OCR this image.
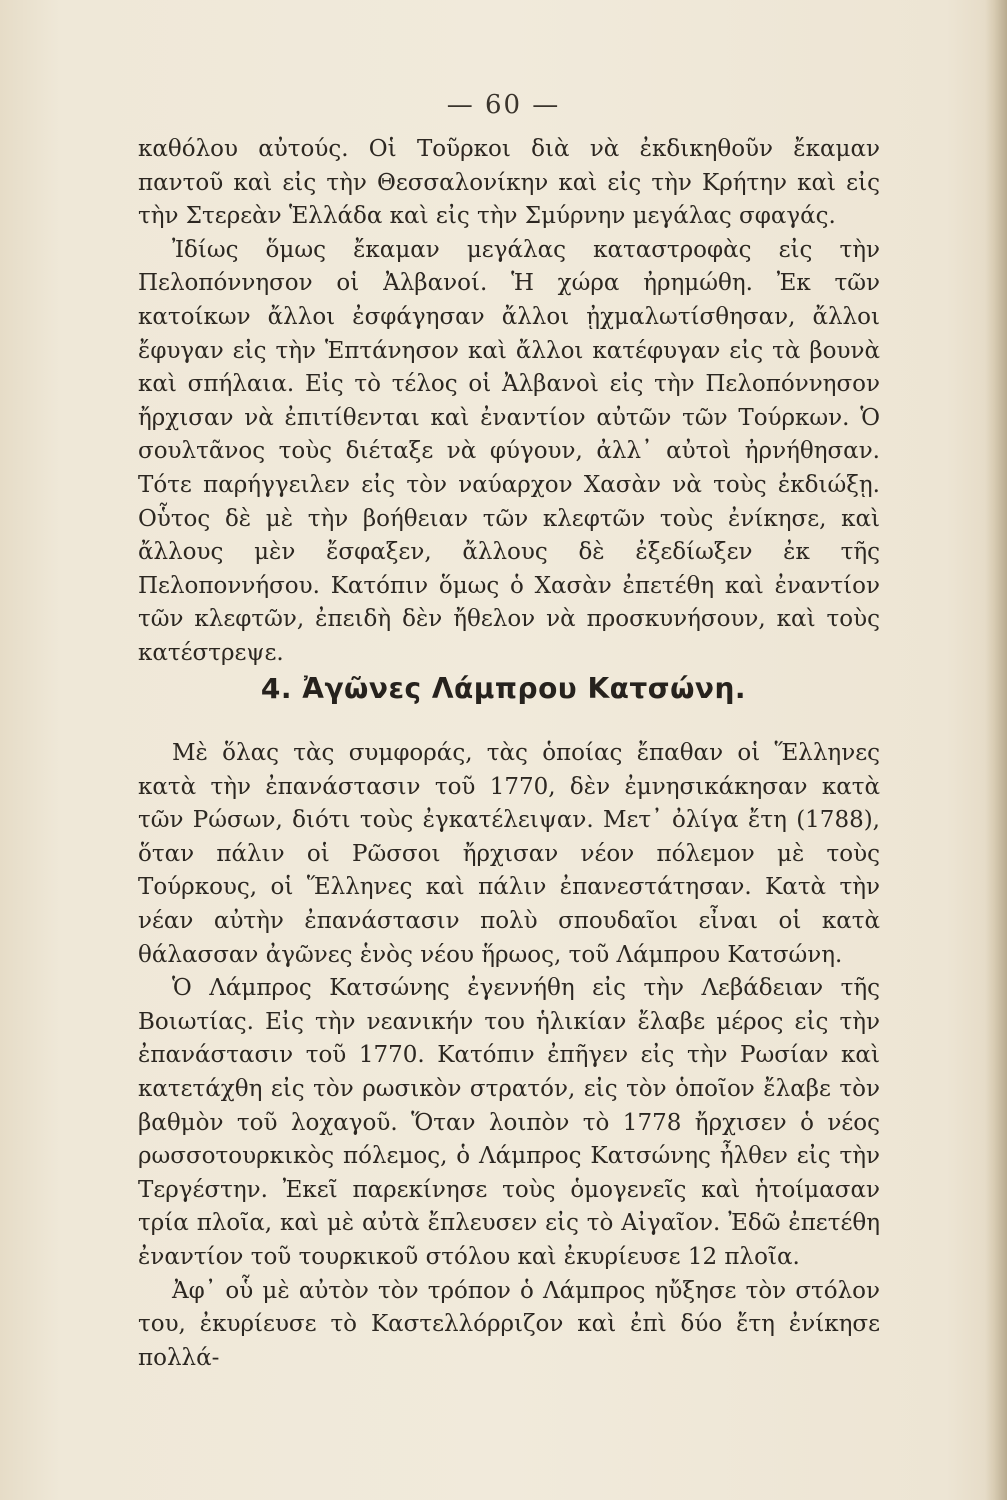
— 60 —

καθόλου αὐτούς. Οἱ Τοῦρκοι διὰ νὰ ἐκδικηθοῦν ἔκαμαν παντοῦ καὶ εἰς τὴν Θεσσαλονίκην καὶ εἰς τὴν Κρήτην καὶ εἰς τὴν Στερεὰν Ἑλλάδα καὶ εἰς τὴν Σμύρνην μεγάλας σφαγάς.

Ἰδίως ὅμως ἔκαμαν μεγάλας καταστροφὰς εἰς τὴν Πελοπόννησον οἱ Ἀλβανοί. Ἡ χώρα ἠρημώθη. Ἐκ τῶν κατοίκων ἄλλοι ἐσφάγησαν ἄλλοι ᾐχμαλωτίσθησαν, ἄλλοι ἔφυγαν εἰς τὴν Ἑπτάνησον καὶ ἄλλοι κατέφυγαν εἰς τὰ βουνὰ καὶ σπήλαια. Εἰς τὸ τέλος οἱ Ἀλβανοὶ εἰς τὴν Πελοπόννησον ἤρχισαν νὰ ἐπιτίθενται καὶ ἐναντίον αὐτῶν τῶν Τούρκων. Ὁ σουλτᾶνος τοὺς διέταξε νὰ φύγουν, ἀλλ᾽ αὐτοὶ ἠρνήθησαν. Τότε παρήγγειλεν εἰς τὸν ναύαρχον Χασὰν νὰ τοὺς ἐκδιώξῃ. Οὗτος δὲ μὲ τὴν βοήθειαν τῶν κλεφτῶν τοὺς ἐνίκησε, καὶ ἄλλους μὲν ἔσφαξεν, ἄλλους δὲ ἐξεδίωξεν ἐκ τῆς Πελοποννήσου. Κατόπιν ὅμως ὁ Χασὰν ἐπετέθη καὶ ἐναντίον τῶν κλεφτῶν, ἐπειδὴ δὲν ἤθελον νὰ προσκυνήσουν, καὶ τοὺς κατέστρεψε.

4. Ἀγῶνες Λάμπρου Κατσώνη.

Μὲ ὅλας τὰς συμφοράς, τὰς ὁποίας ἔπαθαν οἱ Ἕλληνες κατὰ τὴν ἐπανάστασιν τοῦ 1770, δὲν ἐμνησικάκησαν κατὰ τῶν Ρώσων, διότι τοὺς ἐγκατέλειψαν. Μετ᾽ ὀλίγα ἔτη (1788), ὅταν πάλιν οἱ Ρῶσσοι ἤρχισαν νέον πόλεμον μὲ τοὺς Τούρκους, οἱ Ἕλληνες καὶ πάλιν ἐπανεστάτησαν. Κατὰ τὴν νέαν αὐτὴν ἐπανάστασιν πολὺ σπουδαῖοι εἶναι οἱ κατὰ θάλασσαν ἀγῶνες ἑνὸς νέου ἥρωος, τοῦ Λάμπρου Κατσώνη.

Ὁ Λάμπρος Κατσώνης ἐγεννήθη εἰς τὴν Λεβάδειαν τῆς Βοιωτίας. Εἰς τὴν νεανικήν του ἡλικίαν ἔλαβε μέρος εἰς τὴν ἐπανάστασιν τοῦ 1770. Κατόπιν ἐπῆγεν εἰς τὴν Ρωσίαν καὶ κατετάχθη εἰς τὸν ρωσικὸν στρατόν, εἰς τὸν ὁποῖον ἔλαβε τὸν βαθμὸν τοῦ λοχαγοῦ. Ὅταν λοιπὸν τὸ 1778 ἤρχισεν ὁ νέος ρωσσοτουρκικὸς πόλεμος, ὁ Λάμπρος Κατσώνης ἦλθεν εἰς τὴν Τεργέστην. Ἐκεῖ παρεκίνησε τοὺς ὁμογενεῖς καὶ ἡτοίμασαν τρία πλοῖα, καὶ μὲ αὐτὰ ἔπλευσεν εἰς τὸ Αἰγαῖον. Ἐδῶ ἐπετέθη ἐναντίον τοῦ τουρκικοῦ στόλου καὶ ἐκυρίευσε 12 πλοῖα.

Ἀφ᾽ οὗ μὲ αὐτὸν τὸν τρόπον ὁ Λάμπρος ηὔξησε τὸν στόλον του, ἐκυρίευσε τὸ Καστελλόρριζον καὶ ἐπὶ δύο ἔτη ἐνίκησε πολλά-
